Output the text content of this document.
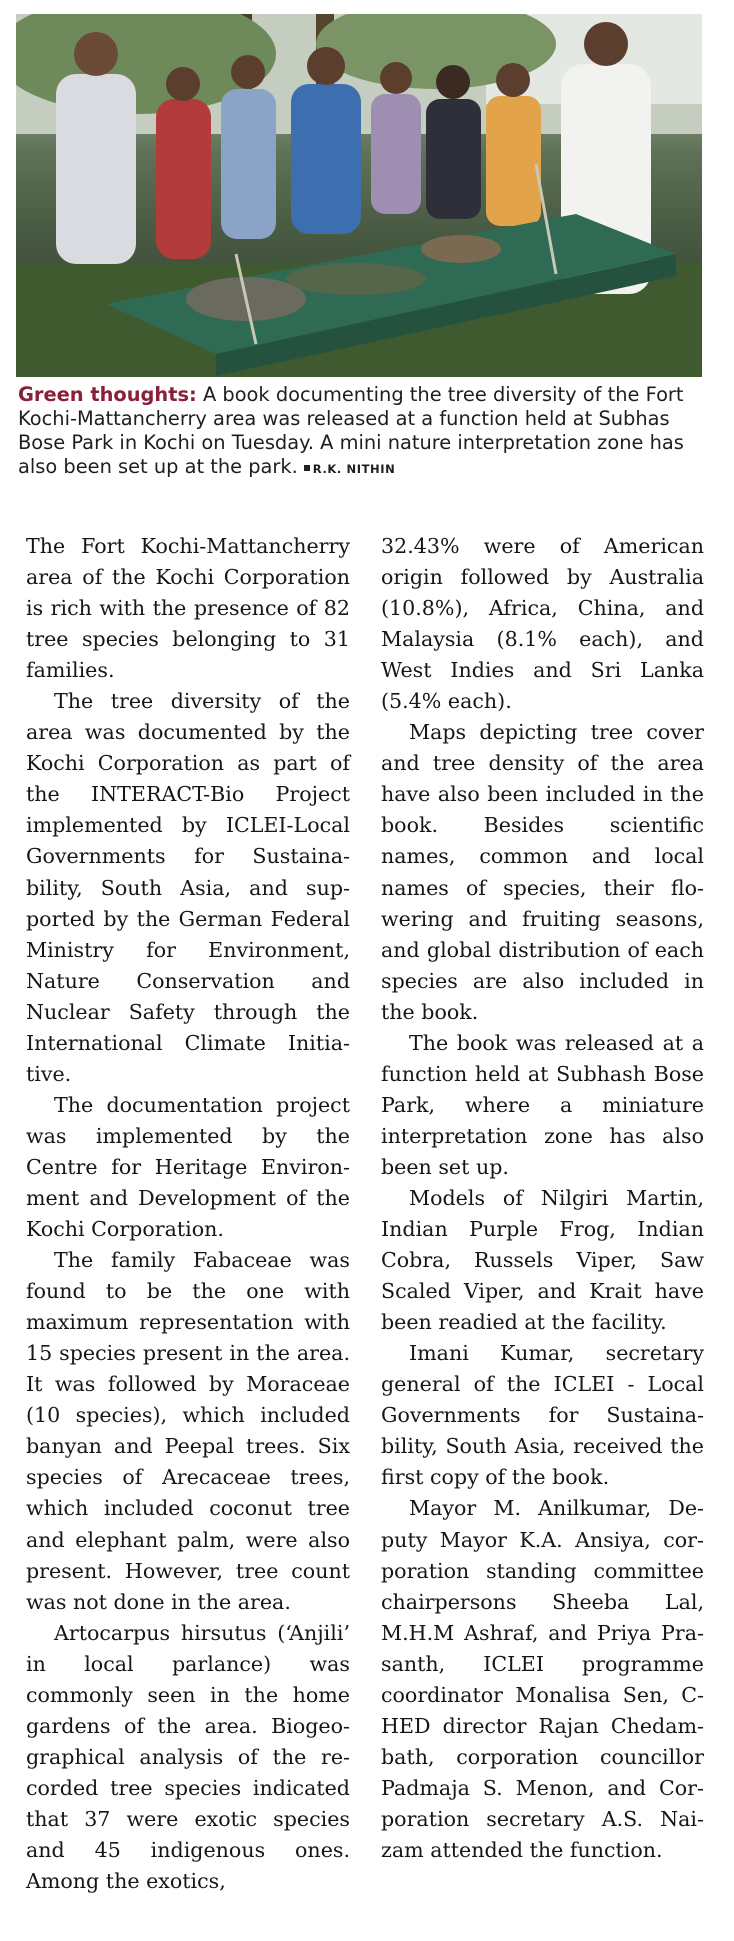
Green thoughts: A book documenting the tree diversity of the Fort Kochi-Mattancherry area was released at a function held at Subhas Bose Park in Kochi on Tuesday. A mini nature interpretation zone has also been set up at the park. R.K. NITHIN

The Fort Kochi-Mattancherry area of the Kochi Corporation is rich with the presence of 82 tree species belonging to 31 families.

The tree diversity of the area was documented by the Kochi Corporation as part of the INTERACT-Bio Project implemented by ICLEI-Local Governments for Sustainability, South Asia, and supported by the German Federal Ministry for Environment, Nature Conservation and Nuclear Safety through the International Climate Initiative.

The documentation project was implemented by the Centre for Heritage Environment and Development of the Kochi Corporation.

The family Fabaceae was found to be the one with maximum representation with 15 species present in the area. It was followed by Moraceae (10 species), which included banyan and Peepal trees. Six species of Arecaceae trees, which included coconut tree and elephant palm, were also present. However, tree count was not done in the area.

Artocarpus hirsutus (‘Anjili’ in local parlance) was commonly seen in the home gardens of the area. Biogeographical analysis of the recorded tree species indicated that 37 were exotic species and 45 indigenous ones. Among the exotics,

32.43% were of American origin followed by Australia (10.8%), Africa, China, and Malaysia (8.1% each), and West Indies and Sri Lanka (5.4% each).

Maps depicting tree cover and tree density of the area have also been included in the book. Besides scientific names, common and local names of species, their flowering and fruiting seasons, and global distribution of each species are also included in the book.

The book was released at a function held at Subhash Bose Park, where a miniature interpretation zone has also been set up.

Models of Nilgiri Martin, Indian Purple Frog, Indian Cobra, Russels Viper, Saw Scaled Viper, and Krait have been readied at the facility.

Imani Kumar, secretary general of the ICLEI - Local Governments for Sustainability, South Asia, received the first copy of the book.

Mayor M. Anilkumar, Deputy Mayor K.A. Ansiya, corporation standing committee chairpersons Sheeba Lal, M.H.M Ashraf, and Priya Prasanth, ICLEI programme coordinator Monalisa Sen, C-HED director Rajan Chedambath, corporation councillor Padmaja S. Menon, and Corporation secretary A.S. Naizam attended the function.
